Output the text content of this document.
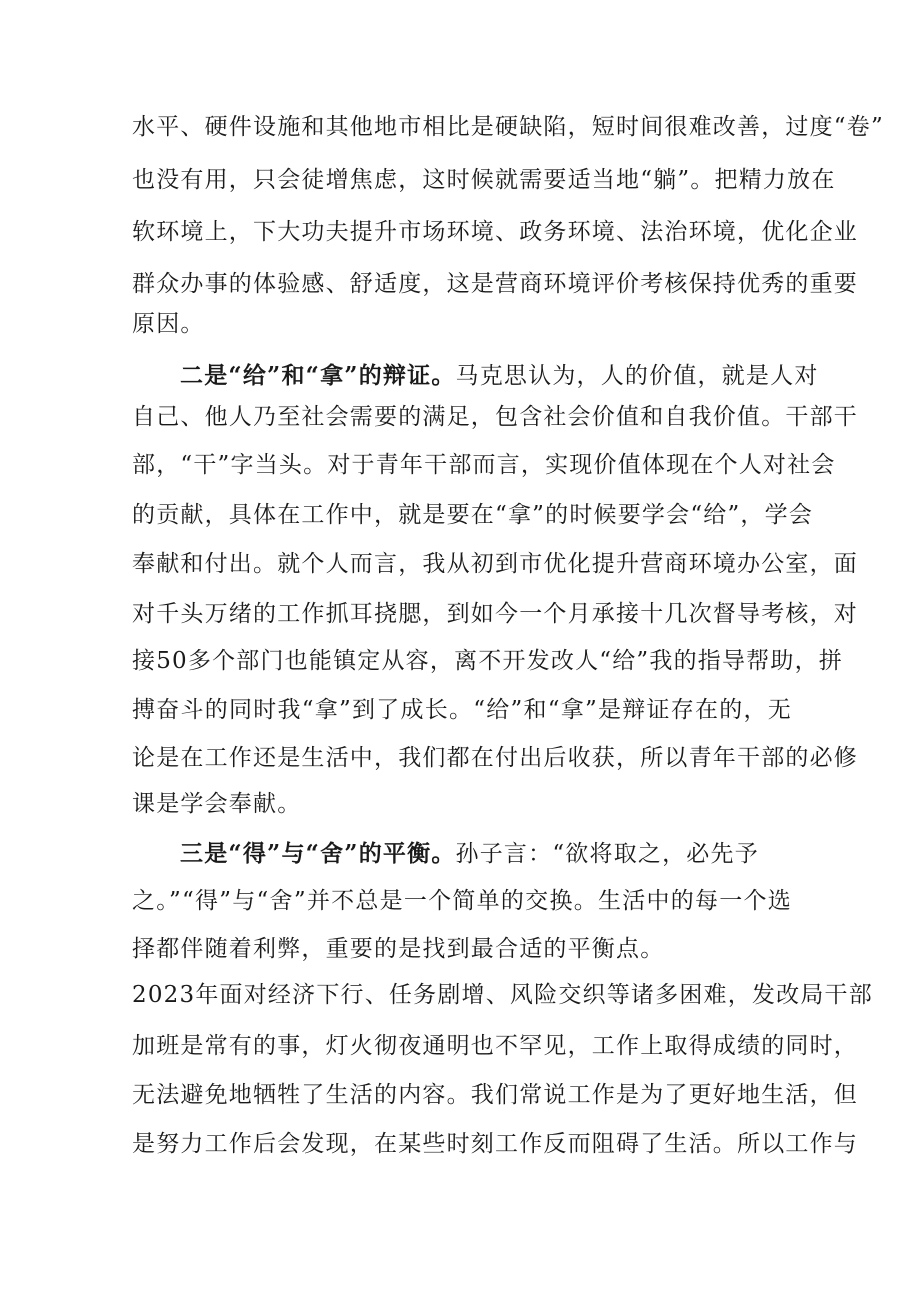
水平、硬件设施和其他地市相比是硬缺陷，短时间很难改善，过度“卷”
也没有用，只会徒增焦虑，这时候就需要适当地“躺”。把精力放在
软环境上，下大功夫提升市场环境、政务环境、法治环境，优化企业
群众办事的体验感、舒适度，这是营商环境评价考核保持优秀的重要
原因。
二是“给”和“拿”的辩证。马克思认为，人的价值，就是人对
自己、他人乃至社会需要的满足，包含社会价值和自我价值。干部干
部，“干”字当头。对于青年干部而言，实现价值体现在个人对社会
的贡献，具体在工作中，就是要在“拿”的时候要学会“给”，学会
奉献和付出。就个人而言，我从初到市优化提升营商环境办公室，面
对千头万绪的工作抓耳挠腮，到如今一个月承接十几次督导考核，对
接50多个部门也能镇定从容，离不开发改人“给”我的指导帮助，拼
搏奋斗的同时我“拿”到了成长。“给”和“拿”是辩证存在的，无
论是在工作还是生活中，我们都在付出后收获，所以青年干部的必修
课是学会奉献。
三是“得”与“舍”的平衡。孙子言：“欲将取之，必先予
之。”“得”与“舍”并不总是一个简单的交换。生活中的每一个选
择都伴随着利弊，重要的是找到最合适的平衡点。
2023年面对经济下行、任务剧增、风险交织等诸多困难，发改局干部
加班是常有的事，灯火彻夜通明也不罕见，工作上取得成绩的同时，
无法避免地牺牲了生活的内容。我们常说工作是为了更好地生活，但
是努力工作后会发现，在某些时刻工作反而阻碍了生活。所以工作与
